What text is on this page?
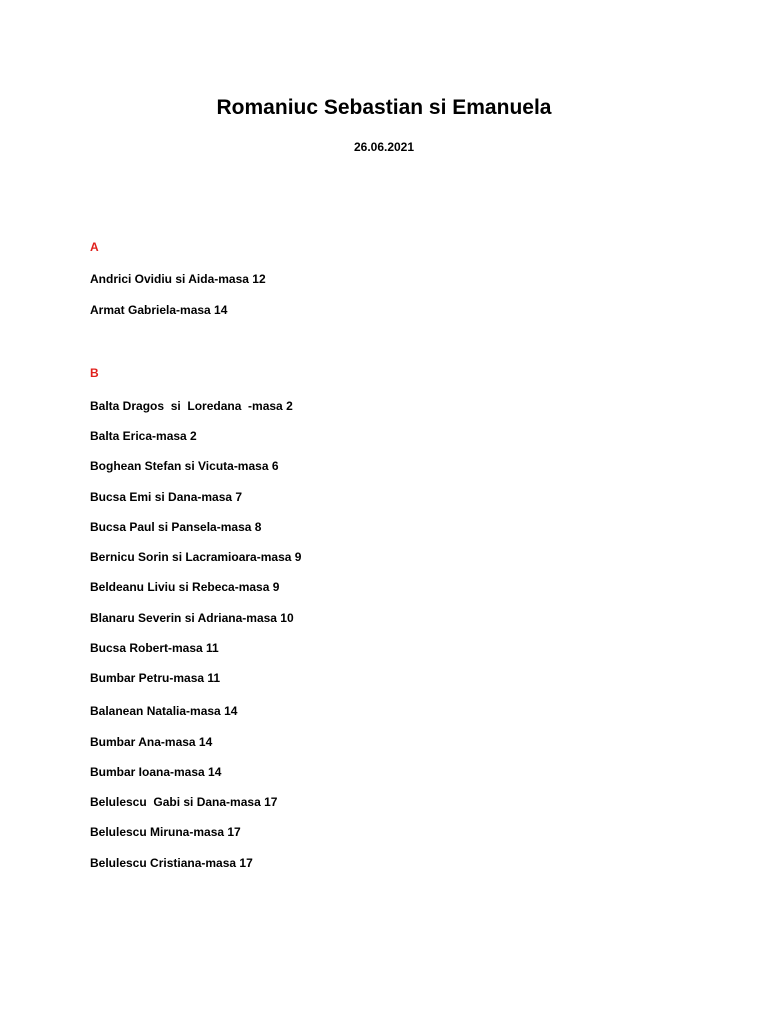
Romaniuc Sebastian si Emanuela
26.06.2021
A
Andrici Ovidiu si Aida-masa 12
Armat Gabriela-masa 14
B
Balta Dragos  si  Loredana  -masa 2
Balta Erica-masa 2
Boghean Stefan si Vicuta-masa 6
Bucsa Emi si Dana-masa 7
Bucsa Paul si Pansela-masa 8
Bernicu Sorin si Lacramioara-masa 9
Beldeanu Liviu si Rebeca-masa 9
Blanaru Severin si Adriana-masa 10
Bucsa Robert-masa 11
Bumbar Petru-masa 11
Balanean Natalia-masa 14
Bumbar Ana-masa 14
Bumbar Ioana-masa 14
Belulescu  Gabi si Dana-masa 17
Belulescu Miruna-masa 17
Belulescu Cristiana-masa 17
